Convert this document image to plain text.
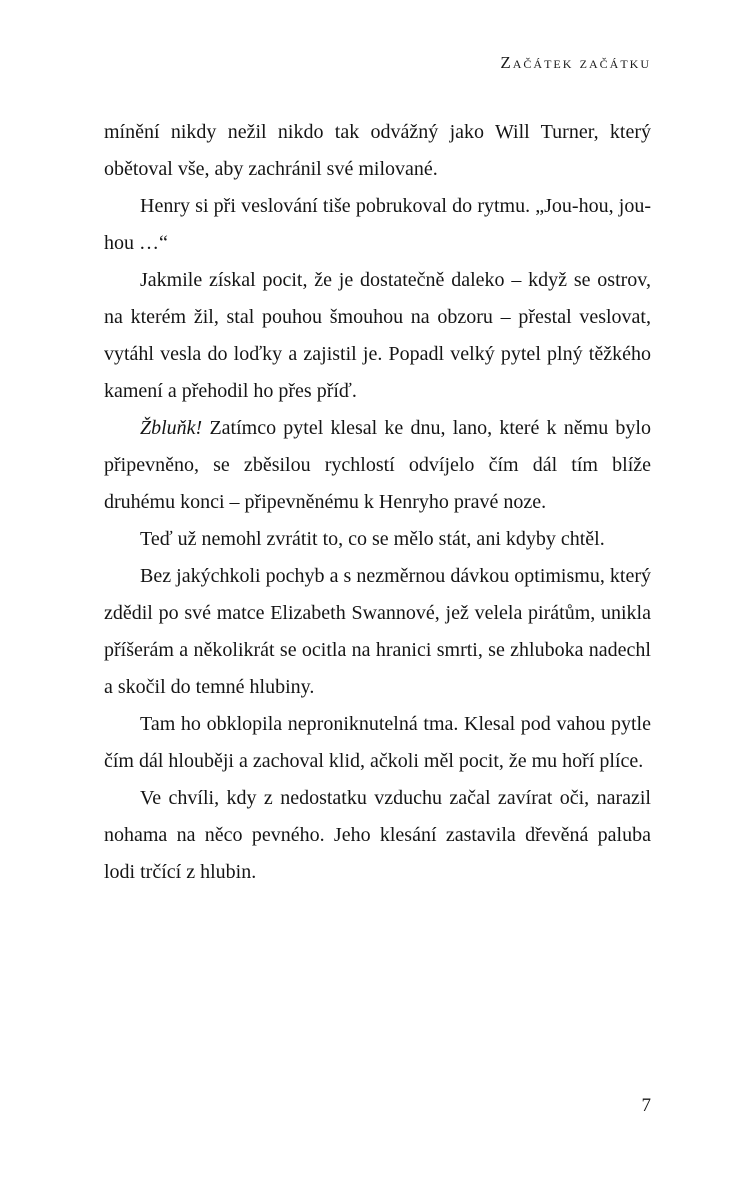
Začátek začátku

mínění nikdy nežil nikdo tak odvážný jako Will Turner, který obětoval vše, aby zachránil své milované.

Henry si při veslování tiše pobrukoval do rytmu. „Jou-hou, jou-hou …“

Jakmile získal pocit, že je dostatečně daleko – když se ostrov, na kterém žil, stal pouhou šmouhou na obzoru – přestal veslovat, vytáhl vesla do loďky a zajistil je. Popadl velký pytel plný těžkého kamení a přehodil ho přes příď.

Žbluňk! Zatímco pytel klesal ke dnu, lano, které k němu bylo připevněno, se zběsilou rychlostí odvíjelo čím dál tím blíže druhému konci – připevněnému k Henryho pravé noze.

Teď už nemohl zvrátit to, co se mělo stát, ani kdyby chtěl.

Bez jakýchkoli pochyb a s nezměrnou dávkou optimismu, který zdědil po své matce Elizabeth Swannové, jež velela pirátům, unikla příšerám a několikrát se ocitla na hranici smrti, se zhluboka nadechl a skočil do temné hlubiny.

Tam ho obklopila neproniknutelná tma. Klesal pod vahou pytle čím dál hlouběji a zachoval klid, ačkoli měl pocit, že mu hoří plíce.

Ve chvíli, kdy z nedostatku vzduchu začal zavírat oči, narazil nohama na něco pevného. Jeho klesání zastavila dřevěná paluba lodi trčící z hlubin.

7
